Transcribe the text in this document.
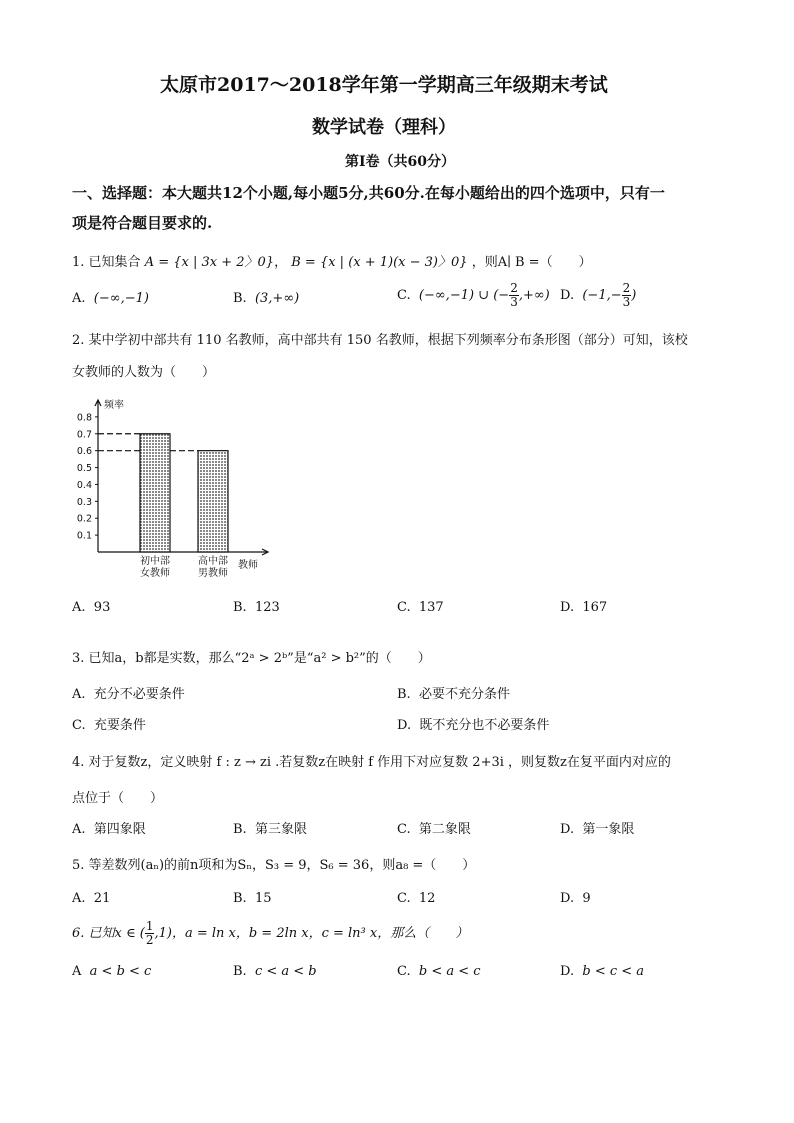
太原市2017～2018学年第一学期高三年级期末考试
数学试卷（理科）
第Ⅰ卷（共60分）
一、选择题：本大题共12个小题,每小题5分,共60分.在每小题给出的四个选项中，只有一
项是符合题目要求的.
1. 已知集合 A = {x | 3x + 2〉0}， B = {x | (x + 1)(x − 3)〉0} ，则A∣ B =（　　）
A. (−∞,−1)	B. (3,+∞)	C. (−∞,−1) ∪ (− $\frac{2}{3}$ ,+∞) D. ($-1,- \frac{2}{3}$ )
2. 某中学初中部共有 110 名教师，高中部共有 150 名教师，根据下列频率分布条形图（部分）可知，该校
女教师的人数为（　　）
频率
教师
0.1
0.2
0.3
0.4
0.5
0.6
0.7
0.8
初中部
女教师
高中部
男教师
A. 93	B. 123	C. 137	D. 167
3. 已知a，b都是实数，那么“2ᵃ > 2ᵇ”是“a² > b²”的（　　）
A. 充分不必要条件	B. 必要不充分条件
C. 充要条件	D. 既不充分也不必要条件
4. 对于复数z，定义映射 f : z → zi .若复数z在映射 f 作用下对应复数 2+3i ，则复数z在复平面内对应的
点位于（　　）
A. 第四象限	B. 第三象限	C. 第二象限	D. 第一象限
5. 等差数列(aₙ)的前n项和为Sₙ，S₃ = 9，S₆ = 36，则a₈ =（　　）
A. 21	B. 15	C. 12	D. 9
6. 已知x ∈ ( $\frac{1}{2} ,1$)，a = ln x，b = 2ln x，c = ln³ x，那么（　　）
A a < b < c	B. c < a < b	C. b < a < c	D. b < c < a
